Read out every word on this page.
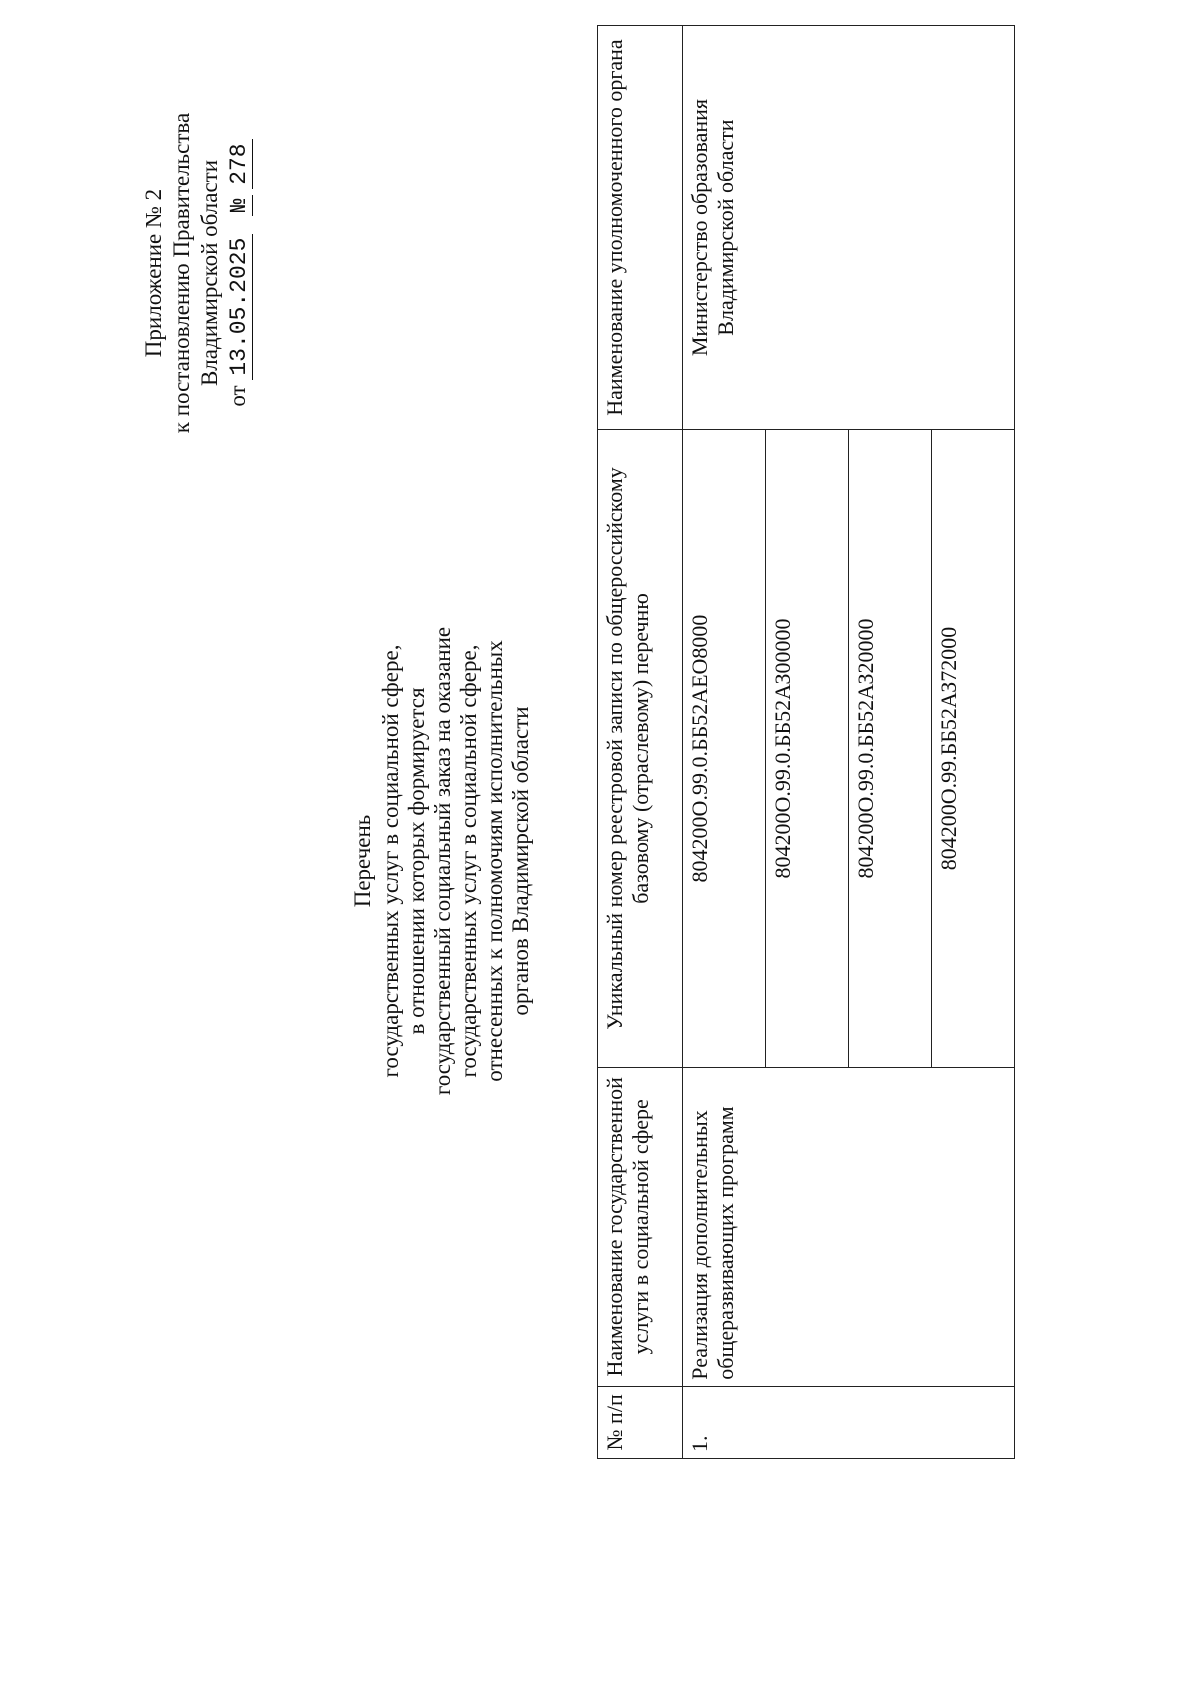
Приложение № 2 к постановлению Правительства Владимирской области
от 13.05.2025   № 278
Перечень государственных услуг в социальной сфере, в отношении которых формируется государственный социальный заказ на оказание государственных услуг в социальной сфере, отнесенных к полномочиям исполнительных органов Владимирской области
№ п/п	Наименование государственной услуги в социальной сфере	Уникальный номер реестровой записи по общероссийскому базовому (отраслевому) перечню	Наименование уполномоченного органа
1.	Реализация дополнительных общеразвивающих программ	804200О.99.0.ББ52АЕО8000	Министерство образования Владимирской области
		804200О.99.0.ББ52АЗ00000	
		804200О.99.0.ББ52АЗ20000	
		804200О.99.ББ52АЗ72000	
